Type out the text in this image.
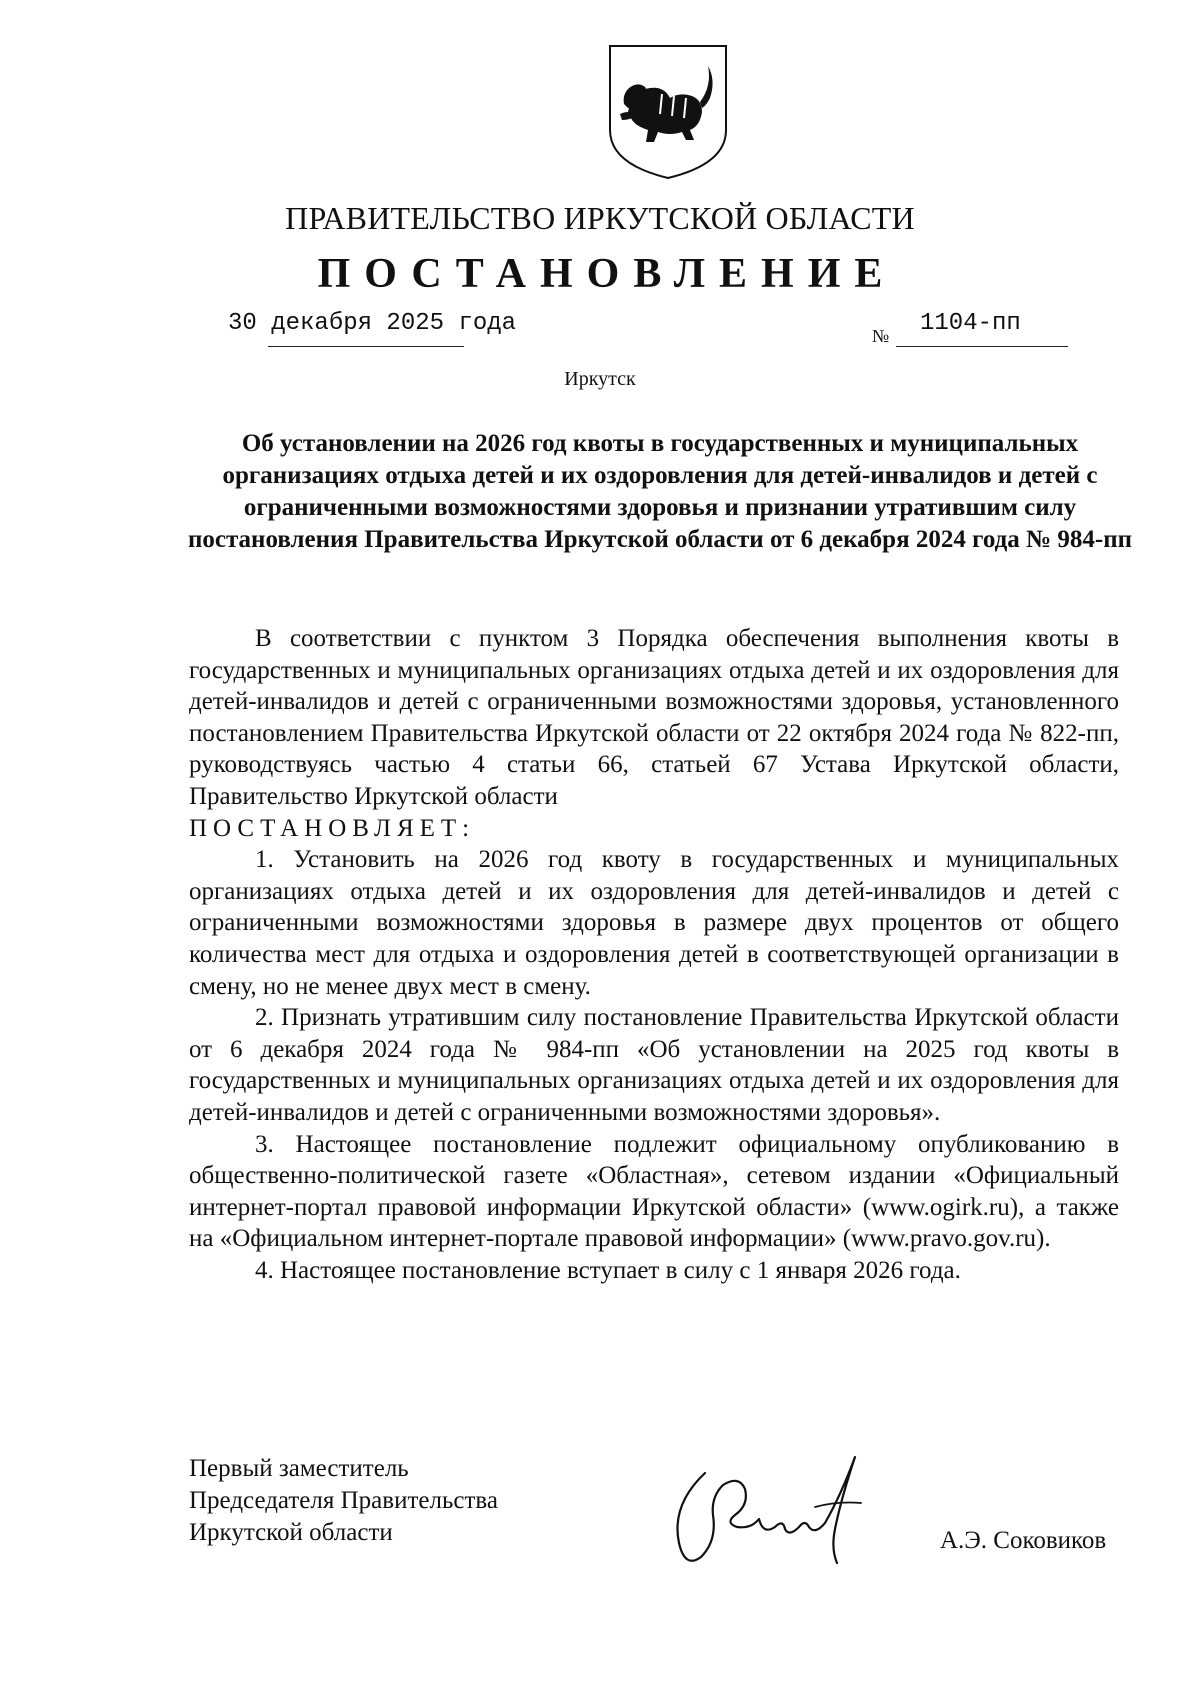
ПРАВИТЕЛЬСТВО ИРКУТСКОЙ ОБЛАСТИ
ПОСТАНОВЛЕНИЕ
30 декабря 2025 года	№ 1104-пп
Иркутск
Об установлении на 2026 год квоты в государственных и муниципальных организациях отдыха детей и их оздоровления для детей-инвалидов и детей с ограниченными возможностями здоровья и признании утратившим силу постановления Правительства Иркутской области от 6 декабря 2024 года № 984-пп

В соответствии с пунктом 3 Порядка обеспечения выполнения квоты в государственных и муниципальных организациях отдыха детей и их оздоровления для детей-инвалидов и детей с ограниченными возможностями здоровья, установленного постановлением Правительства Иркутской области от 22 октября 2024 года № 822-пп, руководствуясь частью 4 статьи 66, статьей 67 Устава Иркутской области, Правительство Иркутской области

ПОСТАНОВЛЯЕТ:

1. Установить на 2026 год квоту в государственных и муниципальных организациях отдыха детей и их оздоровления для детей-инвалидов и детей с ограниченными возможностями здоровья в размере двух процентов от общего количества мест для отдыха и оздоровления детей в соответствующей организации в смену, но не менее двух мест в смену.

2. Признать утратившим силу постановление Правительства Иркутской области от 6 декабря 2024 года № 984-пп «Об установлении на 2025 год квоты в государственных и муниципальных организациях отдыха детей и их оздоровления для детей-инвалидов и детей с ограниченными возможностями здоровья».

3. Настоящее постановление подлежит официальному опубликованию в общественно-политической газете «Областная», сетевом издании «Официальный интернет-портал правовой информации Иркутской области» (www.ogirk.ru), а также на «Официальном интернет-портале правовой информации» (www.pravo.gov.ru).

4. Настоящее постановление вступает в силу с 1 января 2026 года.

Первый заместитель
Председателя Правительства
Иркутской области	А.Э. Соковиков
